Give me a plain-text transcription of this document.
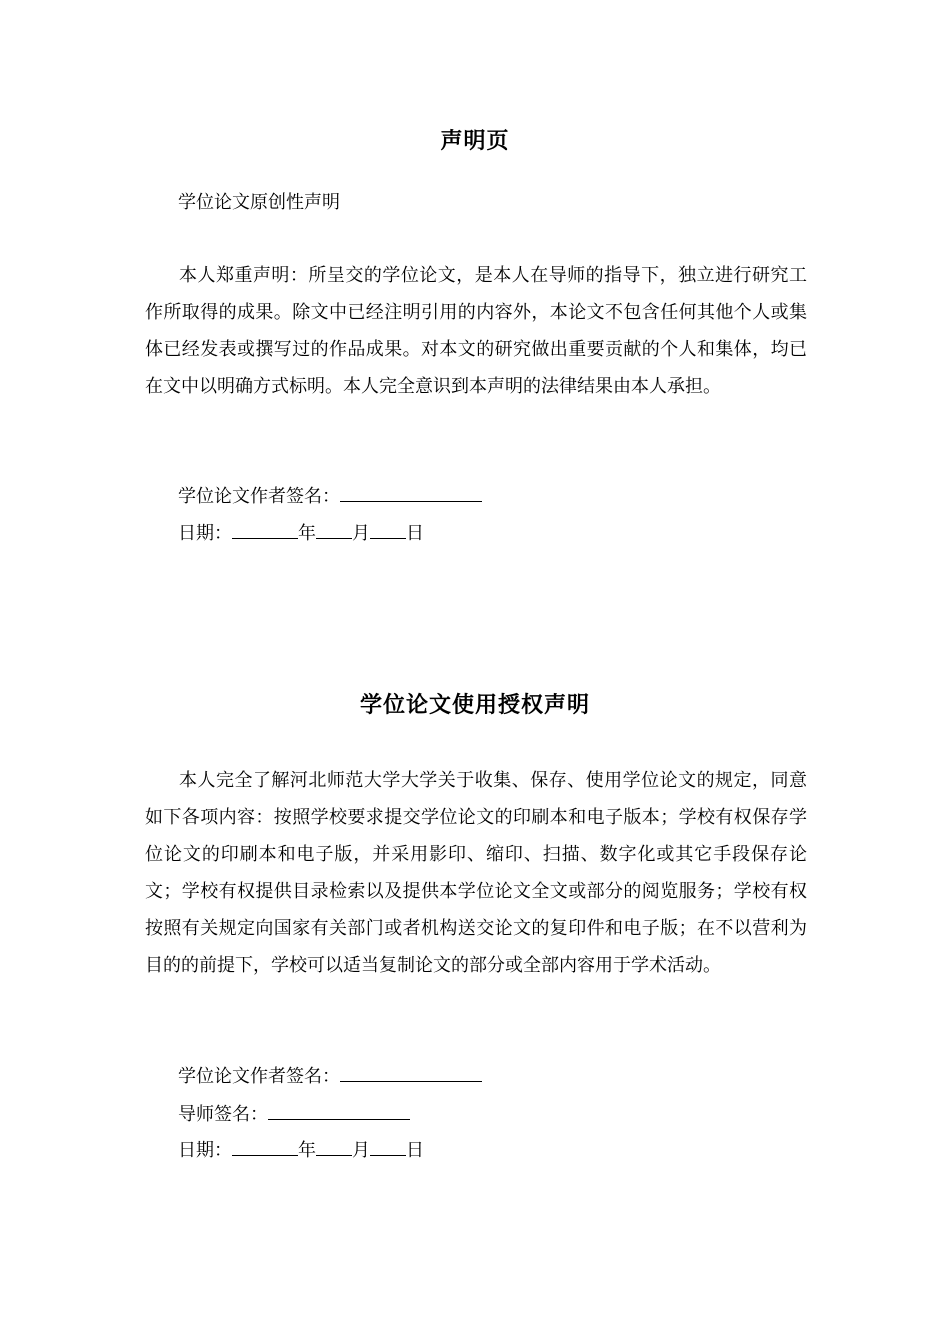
声明页
学位论文原创性声明

本人郑重声明：所呈交的学位论文，是本人在导师的指导下，独立进行研究工作所取得的成果。除文中已经注明引用的内容外，本论文不包含任何其他个人或集体已经发表或撰写过的作品成果。对本文的研究做出重要贡献的个人和集体，均已在文中以明确方式标明。本人完全意识到本声明的法律结果由本人承担。

学位论文作者签名：
日期：	年 月 日
学位论文使用授权声明

本人完全了解河北师范大学大学关于收集、保存、使用学位论文的规定，同意如下各项内容：按照学校要求提交学位论文的印刷本和电子版本；学校有权保存学位论文的印刷本和电子版，并采用影印、缩印、扫描、数字化或其它手段保存论文；学校有权提供目录检索以及提供本学位论文全文或部分的阅览服务；学校有权按照有关规定向国家有关部门或者机构送交论文的复印件和电子版；在不以营利为目的的前提下，学校可以适当复制论文的部分或全部内容用于学术活动。

学位论文作者签名：
导师签名：
日期：	年 月 日
